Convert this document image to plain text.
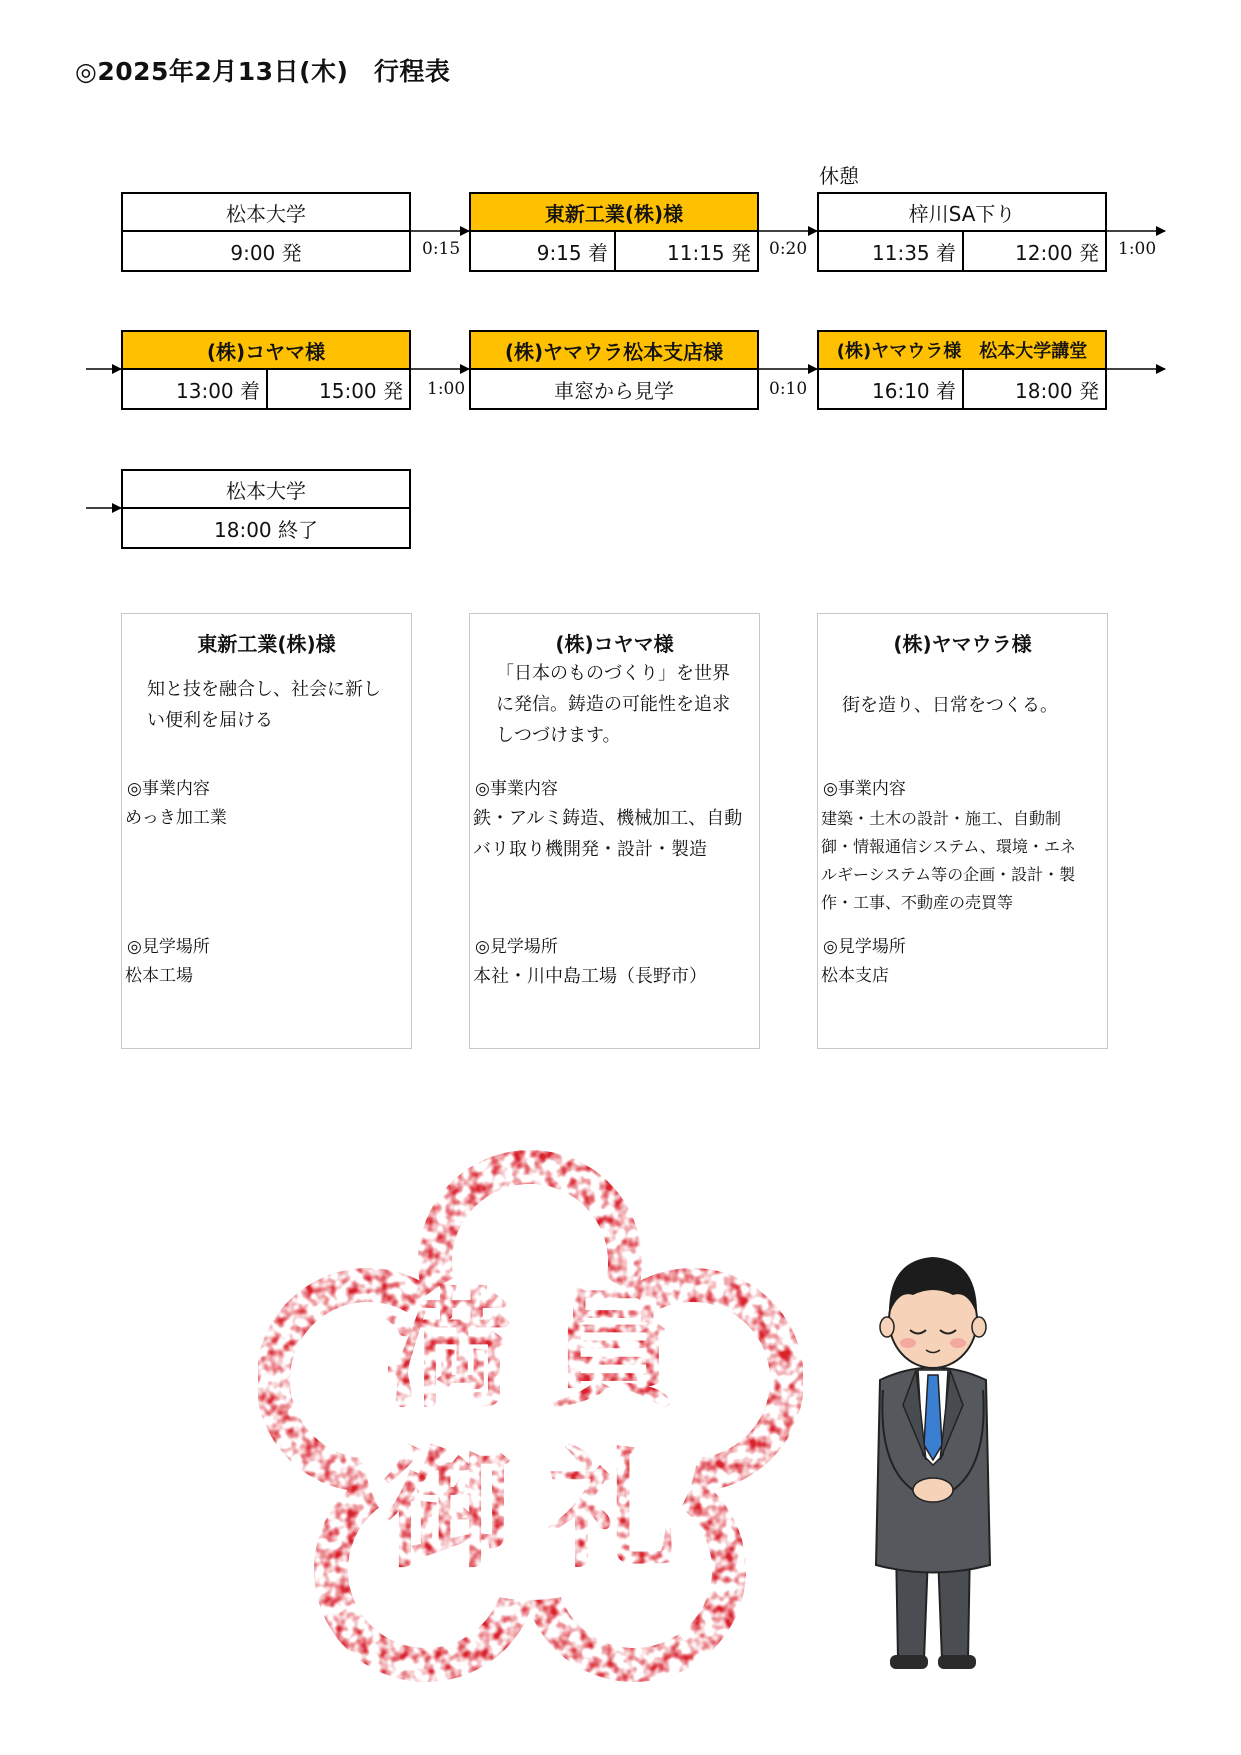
◎2025年2月13日(木)　行程表
松本大学
9:00 発	0:15
東新工業(株)様
9:15 着	11:15 発	0:20
休憩
梓川SA下り
11:35 着	12:00 発	1:00
(株)コヤマ様
13:00 着	15:00 発	1:00
(株)ヤマウラ松本支店様
車窓から見学	0:10
(株)ヤマウラ様　松本大学講堂
16:10 着	18:00 発
松本大学
18:00 終了
東新工業(株)様
知と技を融合し、社会に新し
い便利を届ける
◎事業内容
めっき加工業
◎見学場所
松本工場
(株)コヤマ様
「日本のものづくり」を世界
に発信。鋳造の可能性を追求
しつづけます。
◎事業内容
鉄・アルミ鋳造、機械加工、自動
バリ取り機開発・設計・製造
◎見学場所
本社・川中島工場（長野市）
(株)ヤマウラ様
街を造り、日常をつくる。
◎事業内容
建築・土木の設計・施工、自動制
御・情報通信システム、環境・エネ
ルギーシステム等の企画・設計・製
作・工事、不動産の売買等
◎見学場所
松本支店
満 員
御 礼
